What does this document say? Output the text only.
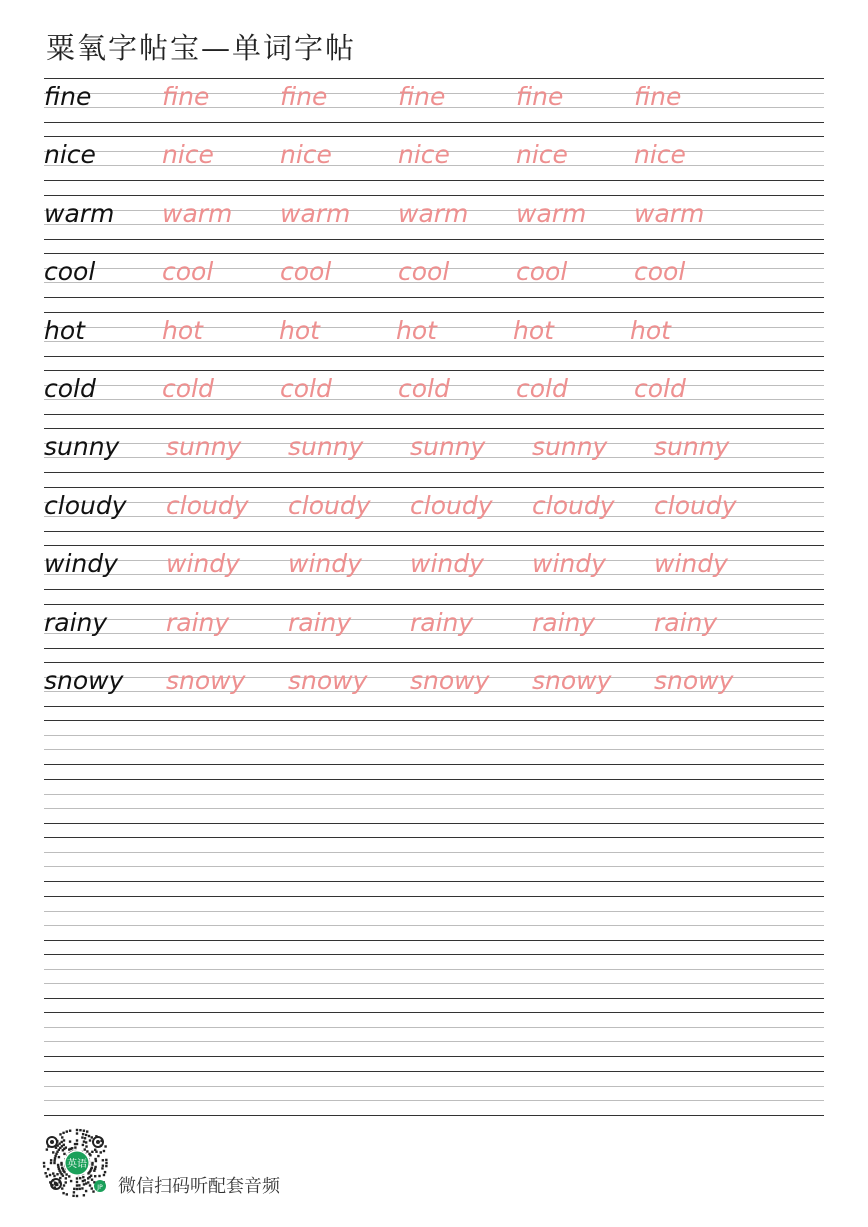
粟氧字帖宝—单词字帖
fine	fine	fine	fine	fine	fine
nice	nice	nice	nice	nice	nice
warm warm warm warm warm warm
cool	cool	cool	cool	cool	cool
hot	hot	hot	hot	hot	hot
cold	cold	cold	cold	cold	cold
sunny sunny sunny sunny sunny sunny
cloudy cloudy cloudy cloudy cloudy cloudy
windy windy windy windy windy windy
rainy rainy rainy rainy rainy rainy
snowy snowy snowy snowy snowy snowy
英语
JP 微信扫码听配套音频
